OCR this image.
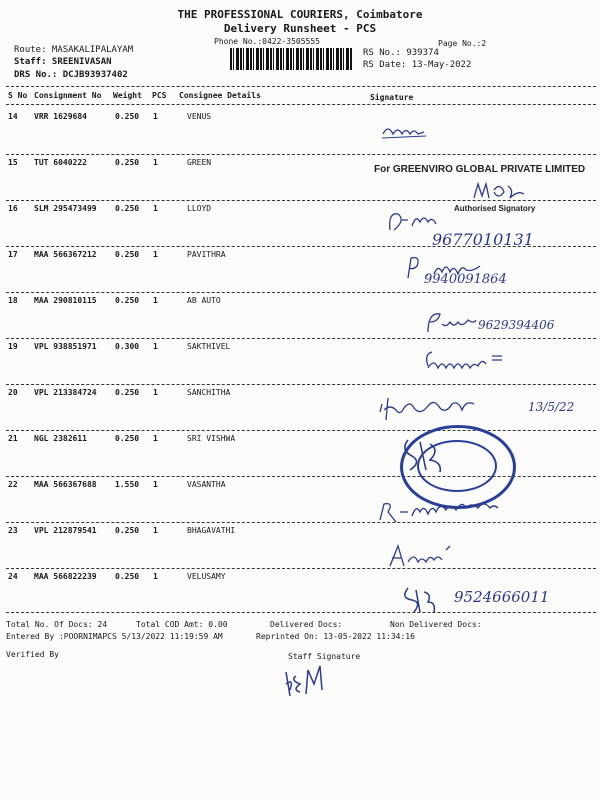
THE PROFESSIONAL COURIERS, Coimbatore
Delivery Runsheet - PCS
Phone No.:0422-3505555	Page No.:2
Route: MASAKALIPALAYAM
Staff: SREENIVASAN
DRS No.: DCJB93937402
RS No.: 939374
RS Date: 13-May-2022
S No Consignment No Weight PCS Consignee Details	Signature
14 VRR 1629684	0.250 1	VENUS
15 TUT 6040222	0.250 1	GREEN
16 SLM 295473499 0.250 1	LLOYD
17 MAA 566367212 0.250 1	PAVITHRA
18 MAA 290810115 0.250 1	AB AUTO
19 VPL 938851971 0.300 1	SAKTHIVEL
20 VPL 213384724 0.250 1	SANCHITHA
21 NGL 2382611	0.250 1	SRI VISHWA
22 MAA 566367688 1.550 1	VASANTHA
23 VPL 212879541 0.250 1	BHAGAVATHI
24 MAA 566822239 0.250 1	VELUSAMY
For GREENVIRO GLOBAL PRIVATE LIMITED
Authorised Signatory
9677010131
9940091864
9629394406
13/5/22
9524666011
Total No. Of Docs: 24	Total COD Amt: 0.00	Delivered Docs:	Non Delivered Docs:
Entered By :POORNIMAPCS 5/13/2022 11:19:59 AM	Reprinted On: 13-05-2022 11:34:16
Verified By	Staff Signature
